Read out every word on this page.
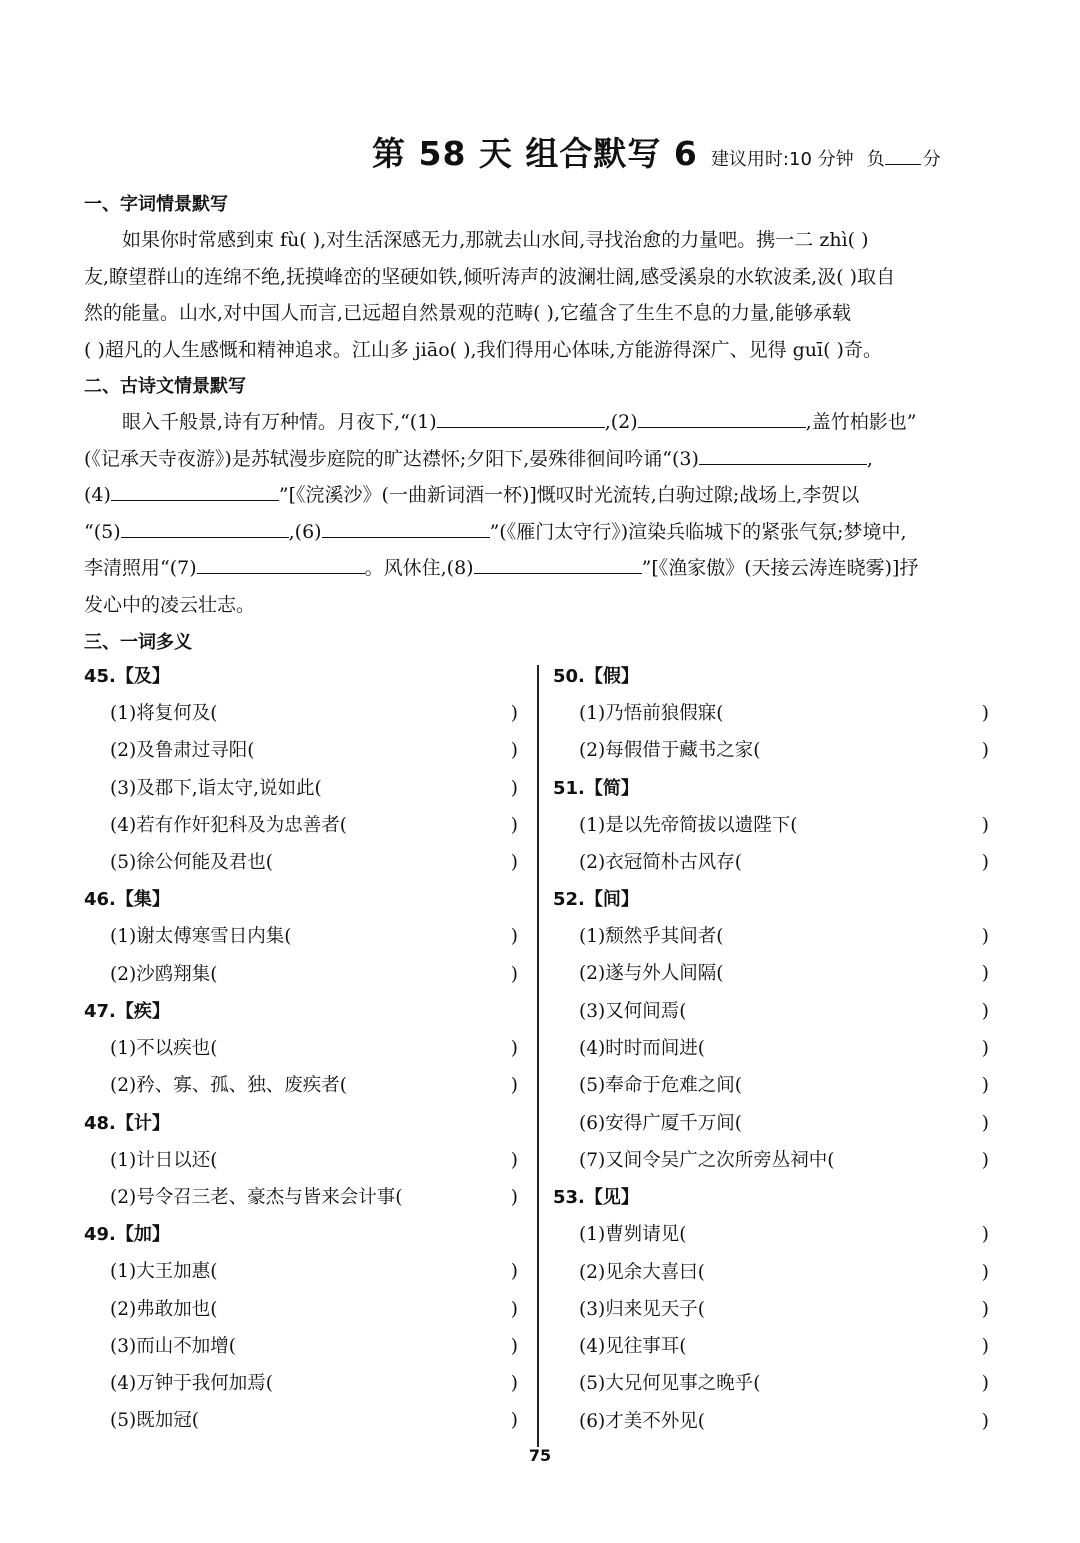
第 58 天 组合默写 6 建议用时:10 分钟 负 分
一、字词情景默写
如果你时常感到束 fù( ),对生活深感无力,那就去山水间,寻找治愈的力量吧。携一二 zhì( )
友,瞭望群山的连绵不绝,抚摸峰峦的坚硬如铁,倾听涛声的波澜壮阔,感受溪泉的水软波柔,汲( )取自
然的能量。山水,对中国人而言,已远超自然景观的范畴( ),它蕴含了生生不息的力量,能够承载
( )超凡的人生感慨和精神追求。江山多 jiāo( ),我们得用心体味,方能游得深广、见得 guī( )奇。
二、古诗文情景默写
眼入千般景,诗有万种情。月夜下,“(1)	,(2)	,盖竹柏影也”
(《记承天寺夜游》)是苏轼漫步庭院的旷达襟怀;夕阳下,晏殊徘徊间吟诵“(3)	,
(4)	”[《浣溪沙》(一曲新词酒一杯)]慨叹时光流转,白驹过隙;战场上,李贺以
“(5)	,(6)	”(《雁门太守行》)渲染兵临城下的紧张气氛;梦境中,
李清照用“(7)	。风休住,(8)	”[《渔家傲》(天接云涛连晓雾)]抒
发心中的凌云壮志。
三、一词多义
45.【及】
(1)将复何及(	)
(2)及鲁肃过寻阳(	)
(3)及郡下,诣太守,说如此(	)
(4)若有作奸犯科及为忠善者(	)
(5)徐公何能及君也(	)
46.【集】
(1)谢太傅寒雪日内集(	)
(2)沙鸥翔集(	)
47.【疾】
(1)不以疾也(	)
(2)矜、寡、孤、独、废疾者(	)
48.【计】
(1)计日以还(	)
(2)号令召三老、豪杰与皆来会计事(	)
49.【加】
(1)大王加惠(	)
(2)弗敢加也(	)
(3)而山不加增(	)
(4)万钟于我何加焉(	)
(5)既加冠(	)
50.【假】
(1)乃悟前狼假寐(	)
(2)每假借于藏书之家(	)
51.【简】
(1)是以先帝简拔以遗陛下(	)
(2)衣冠简朴古风存(	)
52.【间】
(1)颓然乎其间者(	)
(2)遂与外人间隔(	)
(3)又何间焉(	)
(4)时时而间进(	)
(5)奉命于危难之间(	)
(6)安得广厦千万间(	)
(7)又间令吴广之次所旁丛祠中(	)
53.【见】
(1)曹刿请见(	)
(2)见余大喜曰(	)
(3)归来见天子(	)
(4)见往事耳(	)
(5)大兄何见事之晚乎(	)
(6)才美不外见(	)
75
